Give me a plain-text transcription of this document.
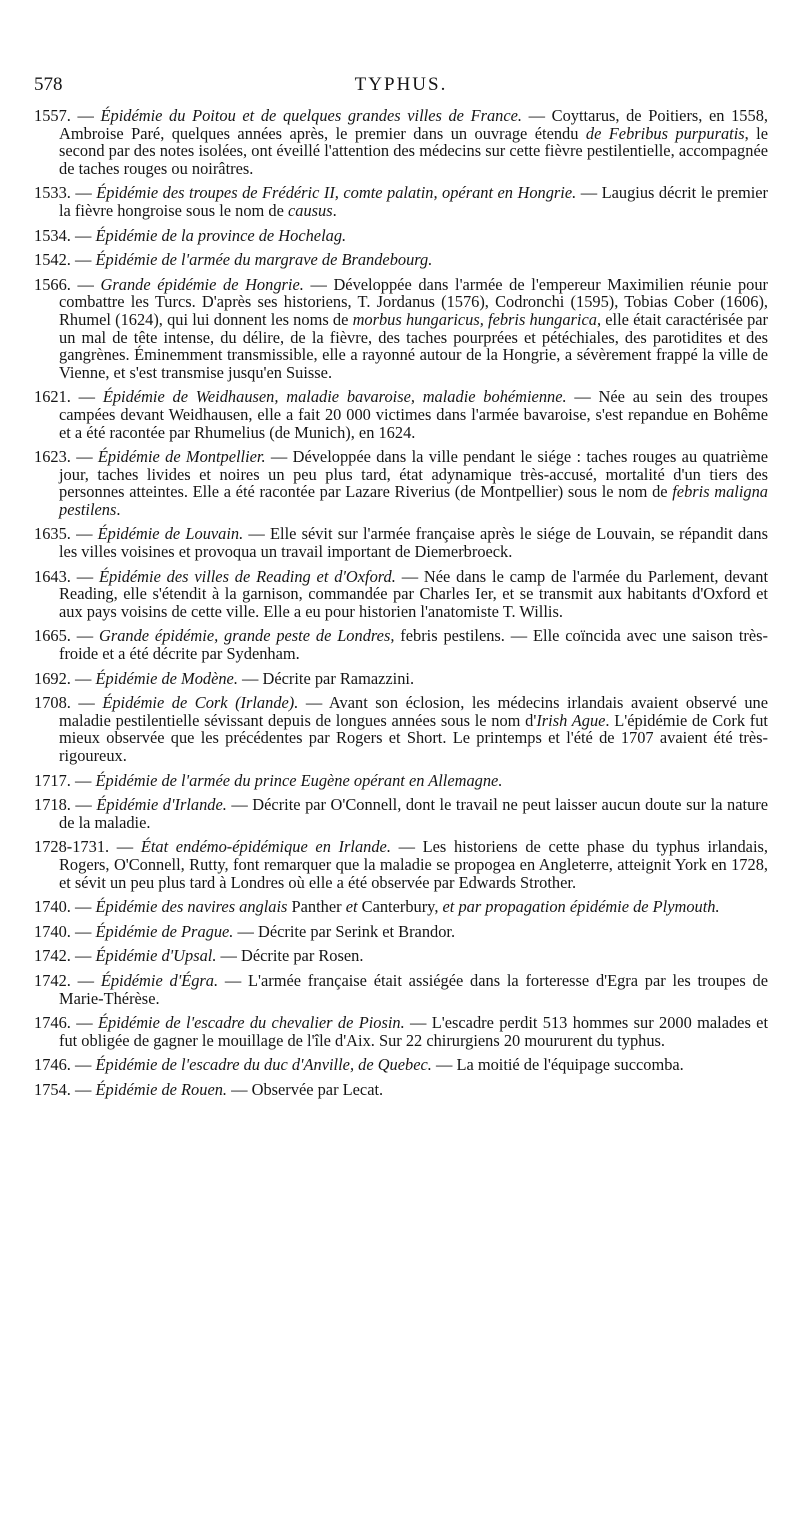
578	TYPHUS.

1557. — Épidémie du Poitou et de quelques grandes villes de France. — Coyttarus, de Poitiers, en 1558, Ambroise Paré, quelques années après, le premier dans un ouvrage étendu de Febribus purpuratis, le second par des notes isolées, ont éveillé l'attention des médecins sur cette fièvre pestilentielle, accompagnée de taches rouges ou noirâtres.

1533. — Épidémie des troupes de Frédéric II, comte palatin, opérant en Hongrie. — Laugius décrit le premier la fièvre hongroise sous le nom de causus.

1534. — Épidémie de la province de Hochelag.

1542. — Épidémie de l'armée du margrave de Brandebourg.

1566. — Grande épidémie de Hongrie. — Développée dans l'armée de l'empereur Maximilien réunie pour combattre les Turcs. D'après ses historiens, T. Jordanus (1576), Codronchi (1595), Tobias Cober (1606), Rhumel (1624), qui lui donnent les noms de morbus hungaricus, febris hungarica, elle était caractérisée par un mal de tête intense, du délire, de la fièvre, des taches pourprées et pétéchiales, des parotidites et des gangrènes. Éminemment transmissible, elle a rayonné autour de la Hongrie, a sévèrement frappé la ville de Vienne, et s'est transmise jusqu'en Suisse.

1621. — Épidémie de Weidhausen, maladie bavaroise, maladie bohémienne. — Née au sein des troupes campées devant Weidhausen, elle a fait 20 000 victimes dans l'armée bavaroise, s'est repandue en Bohême et a été racontée par Rhumelius (de Munich), en 1624.

1623. — Épidémie de Montpellier. — Développée dans la ville pendant le siége : taches rouges au quatrième jour, taches livides et noires un peu plus tard, état adynamique très-accusé, mortalité d'un tiers des personnes atteintes. Elle a été racontée par Lazare Riverius (de Montpellier) sous le nom de febris maligna pestilens.

1635. — Épidémie de Louvain. — Elle sévit sur l'armée française après le siége de Louvain, se répandit dans les villes voisines et provoqua un travail important de Diemerbroeck.

1643. — Épidémie des villes de Reading et d'Oxford. — Née dans le camp de l'armée du Parlement, devant Reading, elle s'étendit à la garnison, commandée par Charles Ier, et se transmit aux habitants d'Oxford et aux pays voisins de cette ville. Elle a eu pour historien l'anatomiste T. Willis.

1665. — Grande épidémie, grande peste de Londres, febris pestilens. — Elle coïncida avec une saison très-froide et a été décrite par Sydenham.

1692. — Épidémie de Modène. — Décrite par Ramazzini.

1708. — Épidémie de Cork (Irlande). — Avant son éclosion, les médecins irlandais avaient observé une maladie pestilentielle sévissant depuis de longues années sous le nom d'Irish Ague. L'épidémie de Cork fut mieux observée que les précédentes par Rogers et Short. Le printemps et l'été de 1707 avaient été très-rigoureux.

1717. — Épidémie de l'armée du prince Eugène opérant en Allemagne.

1718. — Épidémie d'Irlande. — Décrite par O'Connell, dont le travail ne peut laisser aucun doute sur la nature de la maladie.

1728-1731. — État endémo-épidémique en Irlande. — Les historiens de cette phase du typhus irlandais, Rogers, O'Connell, Rutty, font remarquer que la maladie se propogea en Angleterre, atteignit York en 1728, et sévit un peu plus tard à Londres où elle a été observée par Edwards Strother.

1740. — Épidémie des navires anglais Panther et Canterbury, et par propagation épidémie de Plymouth.

1740. — Épidémie de Prague. — Décrite par Serink et Brandor.

1742. — Épidémie d'Upsal. — Décrite par Rosen.

1742. — Épidémie d'Égra. — L'armée française était assiégée dans la forteresse d'Egra par les troupes de Marie-Thérèse.

1746. — Épidémie de l'escadre du chevalier de Piosin. — L'escadre perdit 513 hommes sur 2000 malades et fut obligée de gagner le mouillage de l'île d'Aix. Sur 22 chirurgiens 20 moururent du typhus.

1746. — Épidémie de l'escadre du duc d'Anville, de Quebec. — La moitié de l'équipage succomba.

1754. — Épidémie de Rouen. — Observée par Lecat.
